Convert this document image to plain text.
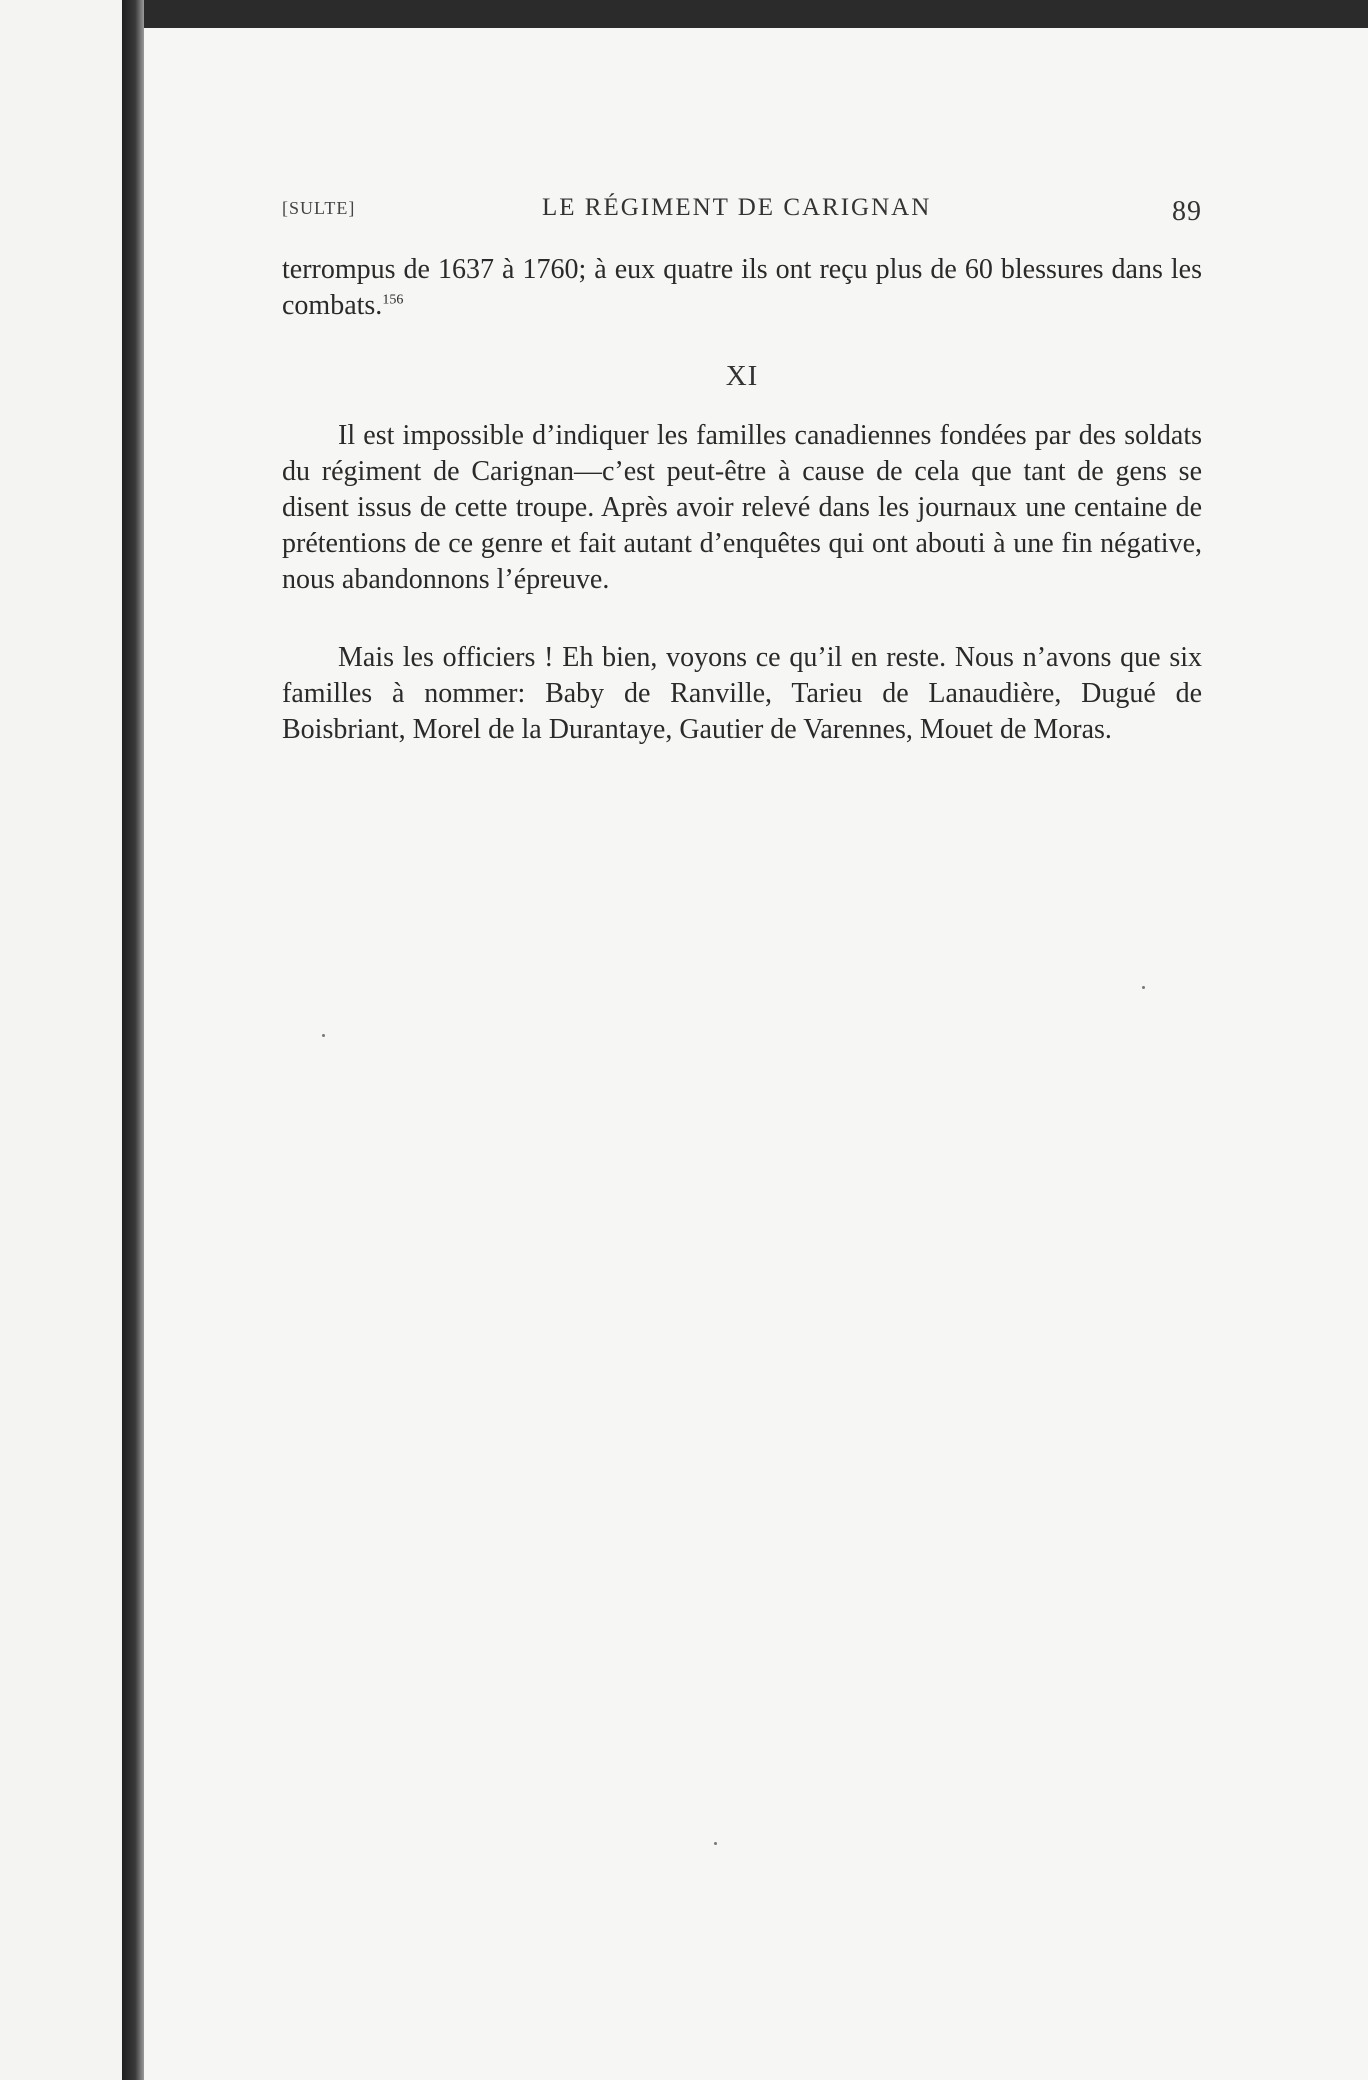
[SULTE]	LE RÉGIMENT DE CARIGNAN	89

terrompus de 1637 à 1760; à eux quatre ils ont reçu plus de 60 blessures dans les combats.$^{156}$

XI

Il est impossible d’indiquer les familles canadiennes fondées par des soldats du régiment de Carignan—c’est peut-être à cause de cela que tant de gens se disent issus de cette troupe. Après avoir relevé dans les journaux une centaine de prétentions de ce genre et fait autant d’enquêtes qui ont abouti à une fin négative, nous abandonnons l’épreuve.

Mais les officiers ! Eh bien, voyons ce qu’il en reste. Nous n’avons que six familles à nommer: Baby de Ranville, Tarieu de Lanaudière, Dugué de Boisbriant, Morel de la Durantaye, Gautier de Varennes, Mouet de Moras.
